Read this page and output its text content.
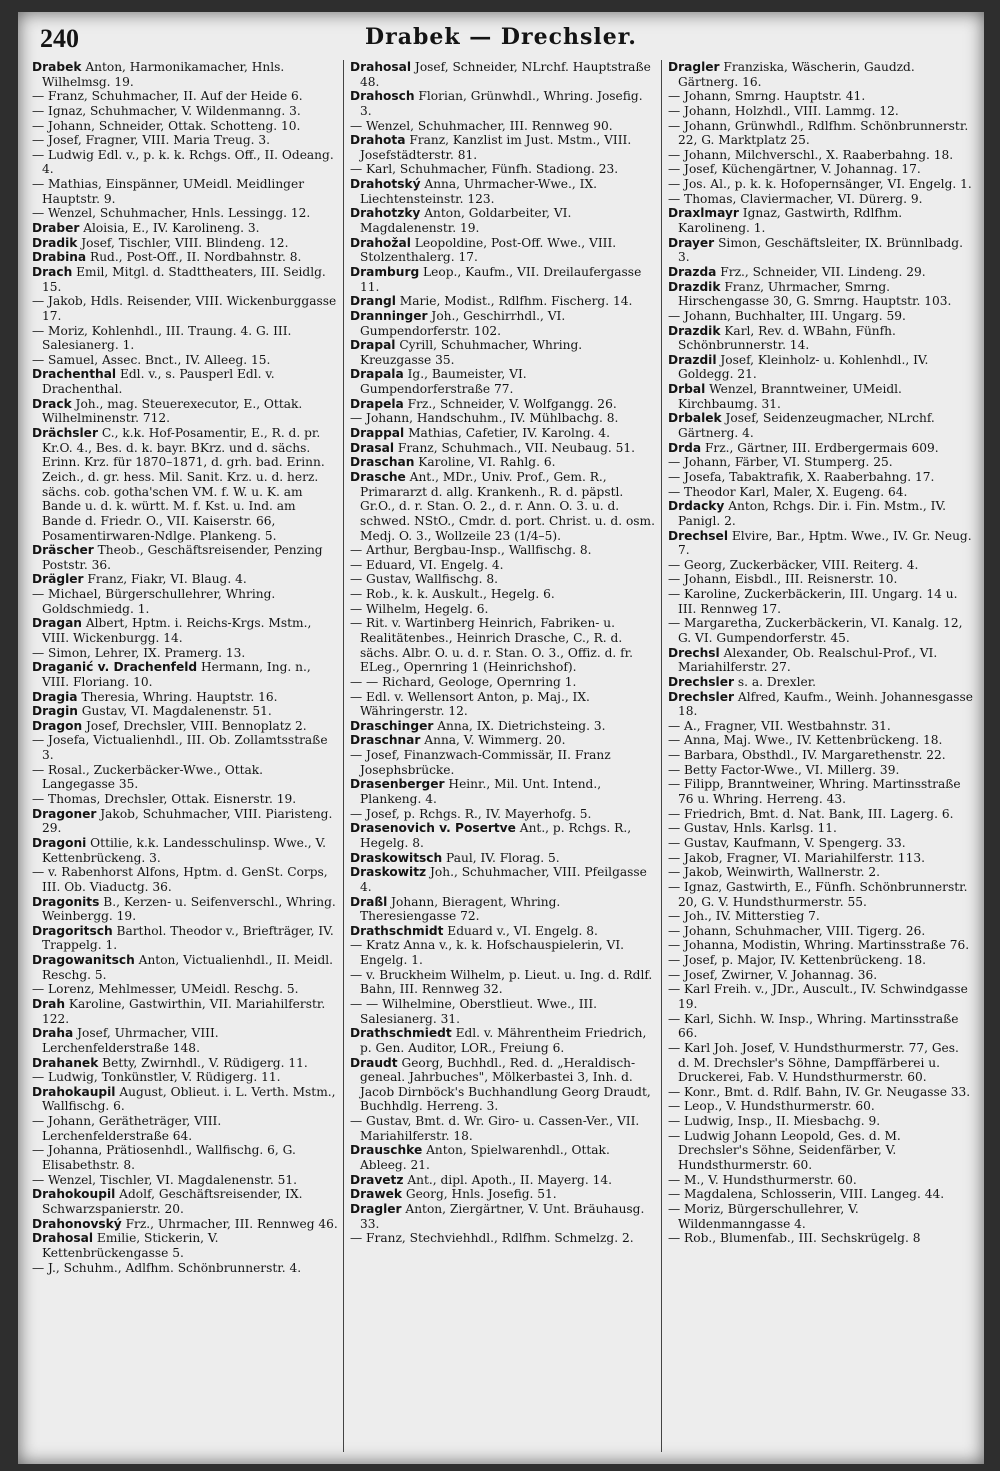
240	Drabek — Drechsler.
Drabek Anton, Harmonikamacher, Hnls. Wilhelmsg. 19.
— Franz, Schuhmacher, II. Auf der Heide 6.
— Ignaz, Schuhmacher, V. Wildenmanng. 3.
— Johann, Schneider, Ottak. Schotteng. 10.
— Josef, Fragner, VIII. Maria Treug. 3.
— Ludwig Edl. v., p. k. k. Rchgs. Off., II. Odeang. 4.
— Mathias, Einspänner, UMeidl. Meidlinger Hauptstr. 9.
— Wenzel, Schuhmacher, Hnls. Lessingg. 12.
Draber Aloisia, E., IV. Karolineng. 3.
Dradik Josef, Tischler, VIII. Blindeng. 12.
Drabina Rud., Post-Off., II. Nordbahnstr. 8.
Drach Emil, Mitgl. d. Stadttheaters, III. Seidlg. 15.
— Jakob, Hdls. Reisender, VIII. Wickenburggasse 17.
— Moriz, Kohlenhdl., III. Traung. 4. G. III. Salesianerg. 1.
— Samuel, Assec. Bnct., IV. Alleeg. 15.
Drachenthal Edl. v., s. Pausperl Edl. v. Drachenthal.
Drack Joh., mag. Steuerexecutor, E., Ottak. Wilhelminenstr. 712.
Drächsler C., k.k. Hof-Posamentir, E., R. d. pr. Kr.O. 4., Bes. d. k. bayr. BKrz. und d. sächs. Erinn. Krz. für 1870–1871, d. grh. bad. Erinn. Zeich., d. gr. hess. Mil. Sanit. Krz. u. d. herz. sächs. cob. gotha'schen VM. f. W. u. K. am Bande u. d. k. württ. M. f. Kst. u. Ind. am Bande d. Friedr. O., VII. Kaiserstr. 66, Posamentirwaren-Ndlge. Plankeng. 5.
Dräscher Theob., Geschäftsreisender, Penzing Poststr. 36.
Drägler Franz, Fiakr, VI. Blaug. 4.
— Michael, Bürgerschullehrer, Whring. Goldschmiedg. 1.
Dragan Albert, Hptm. i. Reichs-Krgs. Mstm., VIII. Wickenburgg. 14.
— Simon, Lehrer, IX. Pramerg. 13.
Draganić v. Drachenfeld Hermann, Ing. n., VIII. Floriang. 10.
Dragia Theresia, Whring. Hauptstr. 16.
Dragin Gustav, VI. Magdalenenstr. 51.
Dragon Josef, Drechsler, VIII. Bennoplatz 2.
— Josefa, Victualienhdl., III. Ob. Zollamtsstraße 3.
— Rosal., Zuckerbäcker-Wwe., Ottak. Langegasse 35.
— Thomas, Drechsler, Ottak. Eisnerstr. 19.
Dragoner Jakob, Schuhmacher, VIII. Piaristeng. 29.
Dragoni Ottilie, k.k. Landesschulinsp. Wwe., V. Kettenbrückeng. 3.
— v. Rabenhorst Alfons, Hptm. d. GenSt. Corps, III. Ob. Viaductg. 36.
Dragonits B., Kerzen- u. Seifenverschl., Whring. Weinbergg. 19.
Dragoritsch Barthol. Theodor v., Briefträger, IV. Trappelg. 1.
Dragowanitsch Anton, Victualienhdl., II. Meidl. Reschg. 5.
— Lorenz, Mehlmesser, UMeidl. Reschg. 5.
Drah Karoline, Gastwirthin, VII. Mariahilferstr. 122.
Draha Josef, Uhrmacher, VIII. Lerchenfelderstraße 148.
Drahanek Betty, Zwirnhdl., V. Rüdigerg. 11.
— Ludwig, Tonkünstler, V. Rüdigerg. 11.
Drahokaupil August, Oblieut. i. L. Verth. Mstm., Wallfischg. 6.
— Johann, Gerätheträger, VIII. Lerchenfelderstraße 64.
— Johanna, Prätiosenhdl., Wallfischg. 6, G. Elisabethstr. 8.
— Wenzel, Tischler, VI. Magdalenenstr. 51.
Drahokoupil Adolf, Geschäftsreisender, IX. Schwarzspanierstr. 20.
Drahonovský Frz., Uhrmacher, III. Rennweg 46.
Drahosal Emilie, Stickerin, V. Kettenbrückengasse 5.
— J., Schuhm., Adlfhm. Schönbrunnerstr. 4.
Drahosal Josef, Schneider, NLrchf. Hauptstraße 48.
Drahosch Florian, Grünwhdl., Whring. Josefig. 3.
— Wenzel, Schuhmacher, III. Rennweg 90.
Drahota Franz, Kanzlist im Just. Mstm., VIII. Josefstädterstr. 81.
— Karl, Schuhmacher, Fünfh. Stadiong. 23.
Drahotský Anna, Uhrmacher-Wwe., IX. Liechtensteinstr. 123.
Drahotzky Anton, Goldarbeiter, VI. Magdalenenstr. 19.
Drahožal Leopoldine, Post-Off. Wwe., VIII. Stolzenthalerg. 17.
Dramburg Leop., Kaufm., VII. Dreilaufergasse 11.
Drangl Marie, Modist., Rdlfhm. Fischerg. 14.
Dranninger Joh., Geschirrhdl., VI. Gumpendorferstr. 102.
Drapal Cyrill, Schuhmacher, Whring. Kreuzgasse 35.
Drapala Ig., Baumeister, VI. Gumpendorferstraße 77.
Drapela Frz., Schneider, V. Wolfgangg. 26.
— Johann, Handschuhm., IV. Mühlbachg. 8.
Drappal Mathias, Cafetier, IV. Karolng. 4.
Drasal Franz, Schuhmach., VII. Neubaug. 51.
Draschan Karoline, VI. Rahlg. 6.
Drasche Ant., MDr., Univ. Prof., Gem. R., Primararzt d. allg. Krankenh., R. d. päpstl. Gr.O., d. r. Stan. O. 2., d. r. Ann. O. 3. u. d. schwed. NStO., Cmdr. d. port. Christ. u. d. osm. Medj. O. 3., Wollzeile 23 (1/4–5).
— Arthur, Bergbau-Insp., Wallfischg. 8.
— Eduard, VI. Engelg. 4.
— Gustav, Wallfischg. 8.
— Rob., k. k. Auskult., Hegelg. 6.
— Wilhelm, Hegelg. 6.
— Rit. v. Wartinberg Heinrich, Fabriken- u. Realitätenbes., Heinrich Drasche, C., R. d. sächs. Albr. O. u. d. r. Stan. O. 3., Offiz. d. fr. ELeg., Opernring 1 (Heinrichshof).
— — Richard, Geologe, Opernring 1.
— Edl. v. Wellensort Anton, p. Maj., IX. Währingerstr. 12.
Draschinger Anna, IX. Dietrichsteing. 3.
Draschnar Anna, V. Wimmerg. 20.
— Josef, Finanzwach-Commissär, II. Franz Josephsbrücke.
Drasenberger Heinr., Mil. Unt. Intend., Plankeng. 4.
— Josef, p. Rchgs. R., IV. Mayerhofg. 5.
Drasenovich v. Posertve Ant., p. Rchgs. R., Hegelg. 8.
Draskowitsch Paul, IV. Florag. 5.
Draskowitz Joh., Schuhmacher, VIII. Pfeilgasse 4.
Draßl Johann, Bieragent, Whring. Theresiengasse 72.
Drathschmidt Eduard v., VI. Engelg. 8.
— Kratz Anna v., k. k. Hofschauspielerin, VI. Engelg. 1.
— v. Bruckheim Wilhelm, p. Lieut. u. Ing. d. Rdlf. Bahn, III. Rennweg 32.
— — Wilhelmine, Oberstlieut. Wwe., III. Salesianerg. 31.
Drathschmiedt Edl. v. Mährentheim Friedrich, p. Gen. Auditor, LOR., Freiung 6.
Draudt Georg, Buchhdl., Red. d. „Heraldisch-geneal. Jahrbuches", Mölkerbastei 3, Inh. d. Jacob Dirnböck's Buchhandlung Georg Draudt, Buchhdlg. Herreng. 3.
— Gustav, Bmt. d. Wr. Giro- u. Cassen-Ver., VII. Mariahilferstr. 18.
Drauschke Anton, Spielwarenhdl., Ottak. Ableeg. 21.
Dravetz Ant., dipl. Apoth., II. Mayerg. 14.
Drawek Georg, Hnls. Josefig. 51.
Dragler Anton, Ziergärtner, V. Unt. Bräuhausg. 33.
— Franz, Stechviehhdl., Rdlfhm. Schmelzg. 2.
Dragler Franziska, Wäscherin, Gaudzd. Gärtnerg. 16.
— Johann, Smrng. Hauptstr. 41.
— Johann, Holzhdl., VIII. Lammg. 12.
— Johann, Grünwhdl., Rdlfhm. Schönbrunnerstr. 22, G. Marktplatz 25.
— Johann, Milchverschl., X. Raaberbahng. 18.
— Josef, Küchengärtner, V. Johannag. 17.
— Jos. Al., p. k. k. Hofopernsänger, VI. Engelg. 1.
— Thomas, Claviermacher, VI. Dürerg. 9.
Draxlmayr Ignaz, Gastwirth, Rdlfhm. Karolineng. 1.
Drayer Simon, Geschäftsleiter, IX. Brünnlbadg. 3.
Drazda Frz., Schneider, VII. Lindeng. 29.
Drazdik Franz, Uhrmacher, Smrng. Hirschengasse 30, G. Smrng. Hauptstr. 103.
— Johann, Buchhalter, III. Ungarg. 59.
Drazdik Karl, Rev. d. WBahn, Fünfh. Schönbrunnerstr. 14.
Drazdil Josef, Kleinholz- u. Kohlenhdl., IV. Goldegg. 21.
Drbal Wenzel, Branntweiner, UMeidl. Kirchbaumg. 31.
Drbalek Josef, Seidenzeugmacher, NLrchf. Gärtnerg. 4.
Drda Frz., Gärtner, III. Erdbergermais 609.
— Johann, Färber, VI. Stumperg. 25.
— Josefa, Tabaktrafik, X. Raaberbahng. 17.
— Theodor Karl, Maler, X. Eugeng. 64.
Drdacky Anton, Rchgs. Dir. i. Fin. Mstm., IV. Panigl. 2.
Drechsel Elvire, Bar., Hptm. Wwe., IV. Gr. Neug. 7.
— Georg, Zuckerbäcker, VIII. Reiterg. 4.
— Johann, Eisbdl., III. Reisnerstr. 10.
— Karoline, Zuckerbäckerin, III. Ungarg. 14 u. III. Rennweg 17.
— Margaretha, Zuckerbäckerin, VI. Kanalg. 12, G. VI. Gumpendorferstr. 45.
Drechsl Alexander, Ob. Realschul-Prof., VI. Mariahilferstr. 27.
Drechsler s. a. Drexler.
Drechsler Alfred, Kaufm., Weinh. Johannesgasse 18.
— A., Fragner, VII. Westbahnstr. 31.
— Anna, Maj. Wwe., IV. Kettenbrückeng. 18.
— Barbara, Obsthdl., IV. Margarethenstr. 22.
— Betty Factor-Wwe., VI. Millerg. 39.
— Filipp, Branntweiner, Whring. Martinsstraße 76 u. Whring. Herreng. 43.
— Friedrich, Bmt. d. Nat. Bank, III. Lagerg. 6.
— Gustav, Hnls. Karlsg. 11.
— Gustav, Kaufmann, V. Spengerg. 33.
— Jakob, Fragner, VI. Mariahilferstr. 113.
— Jakob, Weinwirth, Wallnerstr. 2.
— Ignaz, Gastwirth, E., Fünfh. Schönbrunnerstr. 20, G. V. Hundsthurmerstr. 55.
— Joh., IV. Mitterstieg 7.
— Johann, Schuhmacher, VIII. Tigerg. 26.
— Johanna, Modistin, Whring. Martinsstraße 76.
— Josef, p. Major, IV. Kettenbrückeng. 18.
— Josef, Zwirner, V. Johannag. 36.
— Karl Freih. v., JDr., Auscult., IV. Schwindgasse 19.
— Karl, Sichh. W. Insp., Whring. Martinsstraße 66.
— Karl Joh. Josef, V. Hundsthurmerstr. 77, Ges. d. M. Drechsler's Söhne, Dampffärberei u. Druckerei, Fab. V. Hundsthurmerstr. 60.
— Konr., Bmt. d. Rdlf. Bahn, IV. Gr. Neugasse 33.
— Leop., V. Hundsthurmerstr. 60.
— Ludwig, Insp., II. Miesbachg. 9.
— Ludwig Johann Leopold, Ges. d. M. Drechsler's Söhne, Seidenfärber, V. Hundsthurmerstr. 60.
— M., V. Hundsthurmerstr. 60.
— Magdalena, Schlosserin, VIII. Langeg. 44.
— Moriz, Bürgerschullehrer, V. Wildenmanngasse 4.
— Rob., Blumenfab., III. Sechskrügelg. 8
